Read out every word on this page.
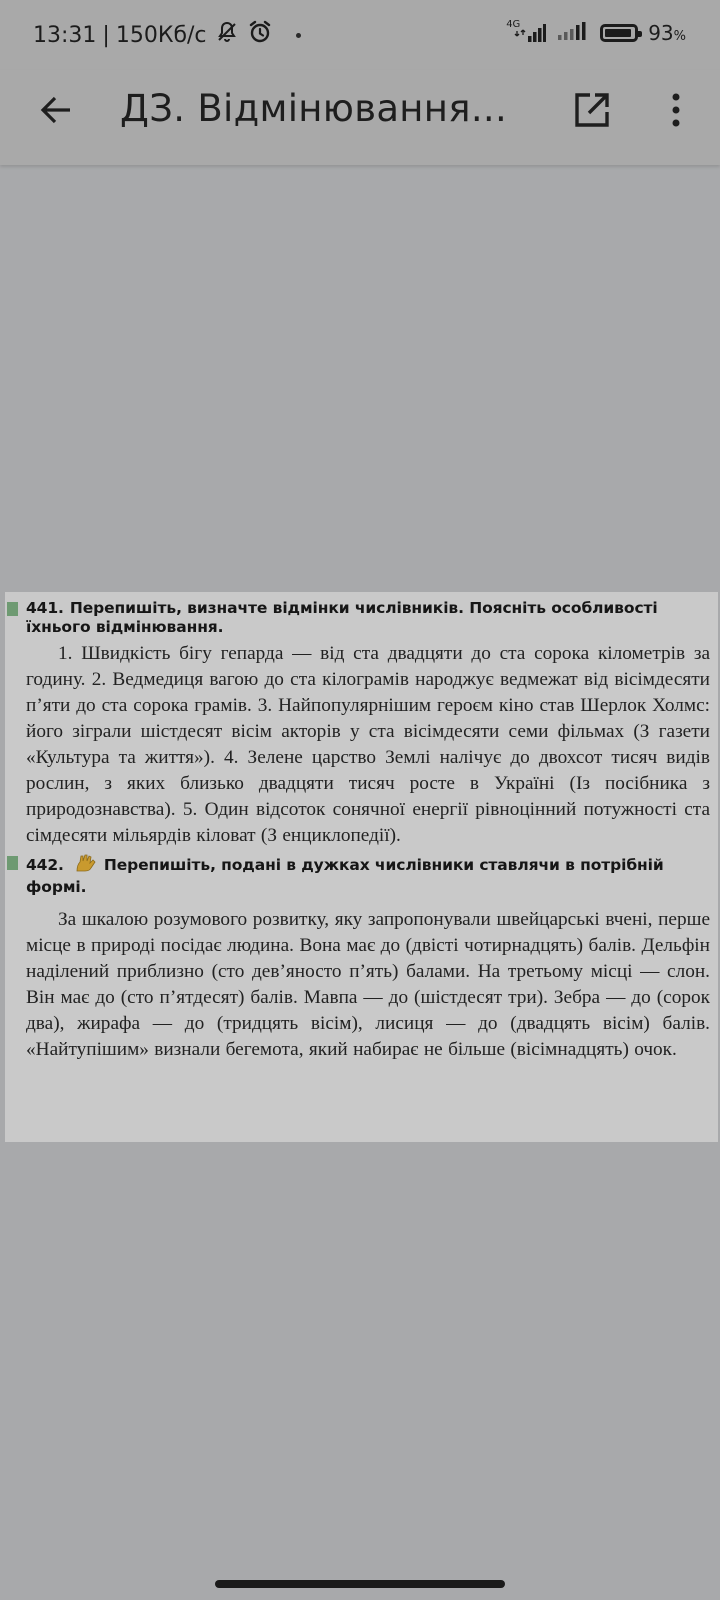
13:31 | 150Кб/с	4G	93%
ДЗ. Відмінювання...
441. Перепишіть, визначте відмінки числівників. Поясніть особливості їхнього відмінювання.
1. Швидкість бігу гепарда — від ста двадцяти до ста сорока кілометрів за годину. 2. Ведмедиця вагою до ста кілограмів народжує ведмежат від вісімдесяти п’яти до ста сорока грамів. 3. Найпопулярнішим героєм кіно став Шерлок Холмс: його зіграли шістдесят вісім акторів у ста вісімдесяти семи фільмах (З газети «Культура та життя»). 4. Зелене царство Землі налічує до двохсот тисяч видів рослин, з яких близько двадцяти тисяч росте в Україні (Із посібника з природознавства). 5. Один відсоток сонячної енергії рівноцінний потужності ста сімдесяти мільярдів кіловат (З енциклопедії).
442.	Перепишіть, подані в дужках числівники ставлячи в потрібній формі.
За шкалою розумового розвитку, яку запропонували швейцарські вчені, перше місце в природі посідає людина. Вона має до (двісті чотирнадцять) балів. Дельфін наділений приблизно (сто дев’яносто п’ять) балами. На третьому місці — слон. Він має до (сто п’ятдесят) балів. Мавпа — до (шістдесят три). Зебра — до (сорок два), жирафа — до (тридцять вісім), лисиця — до (двадцять вісім) балів. «Найтупішим» визнали бегемота, який набирає не більше (вісімнадцять) очок.
